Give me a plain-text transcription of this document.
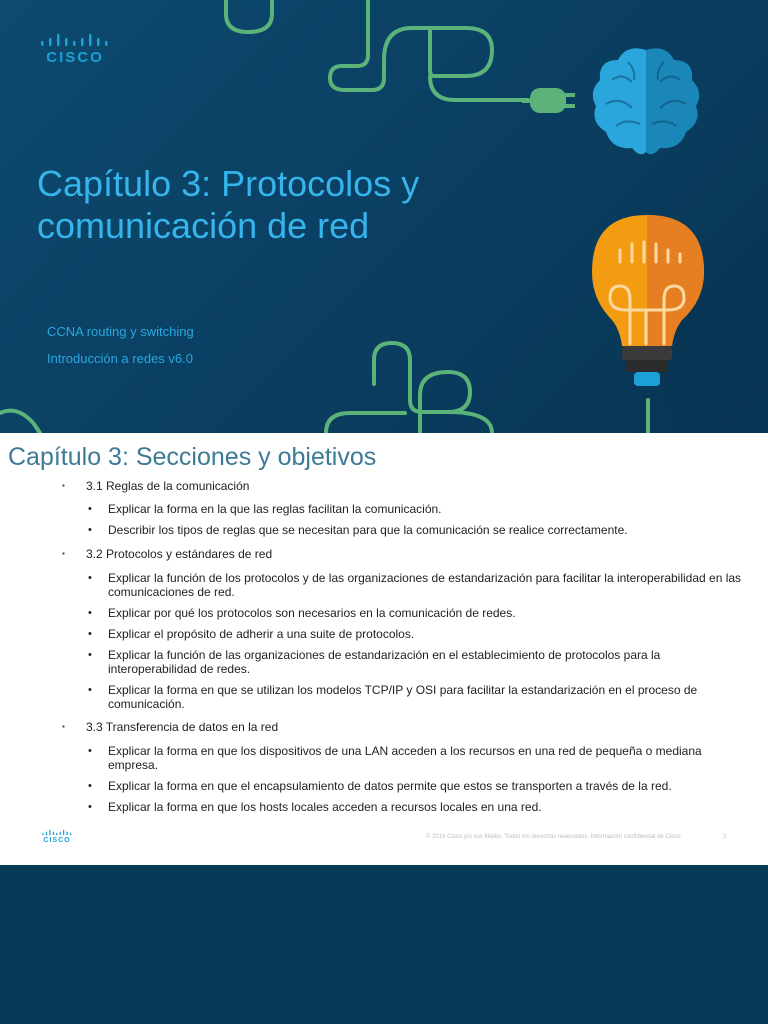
CISCO
Capítulo 3: Protocolos y comunicación de red

CCNA routing y switching

Introducción a redes v6.0

Capítulo 3: Secciones y objetivos
▪ 3.1 Reglas de la comunicación
• Explicar la forma en la que las reglas facilitan la comunicación.
• Describir los tipos de reglas que se necesitan para que la comunicación se realice correctamente.
▪ 3.2 Protocolos y estándares de red
• Explicar la función de los protocolos y de las organizaciones de estandarización para facilitar la interoperabilidad en las comunicaciones de red.
• Explicar por qué los protocolos son necesarios en la comunicación de redes.
• Explicar el propósito de adherir a una suite de protocolos.
• Explicar la función de las organizaciones de estandarización en el establecimiento de protocolos para la interoperabilidad de redes.
• Explicar la forma en que se utilizan los modelos TCP/IP y OSI para facilitar la estandarización en el proceso de comunicación.
▪ 3.3 Transferencia de datos en la red
• Explicar la forma en que los dispositivos de una LAN acceden a los recursos en una red de pequeña o mediana empresa.
• Explicar la forma en que el encapsulamiento de datos permite que estos se transporten a través de la red.
• Explicar la forma en que los hosts locales acceden a recursos locales en una red.
CISCO	© 2016 Cisco y/o sus filiales. Todos los derechos reservados. Información confidencial de Cisco.	2
